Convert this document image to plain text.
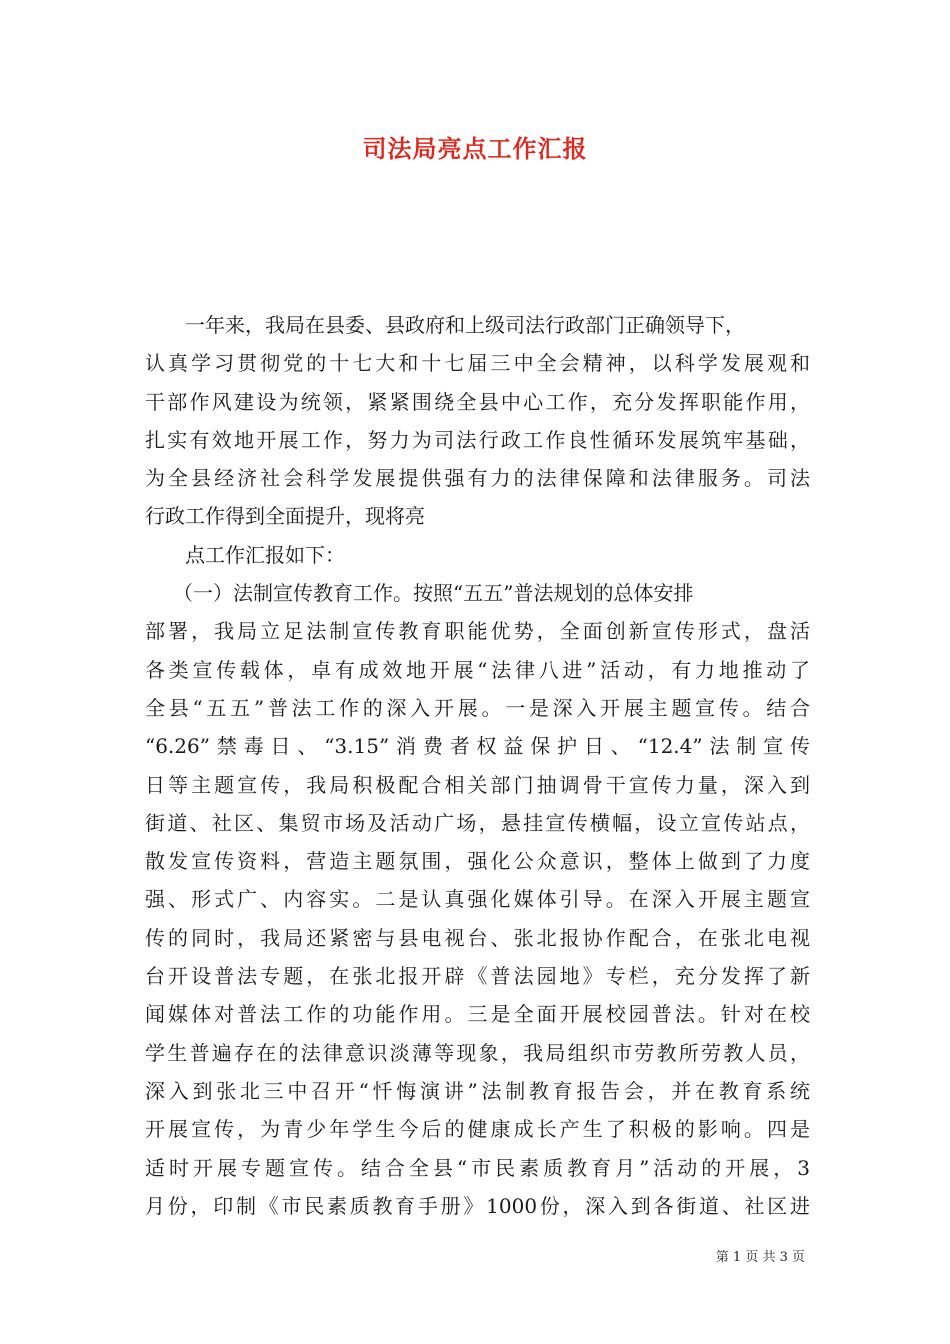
司法局亮点工作汇报
一年来，我局在县委、县政府和上级司法行政部门正确领导下，
认真学习贯彻党的十七大和十七届三中全会精神，以科学发展观和
干部作风建设为统领，紧紧围绕全县中心工作，充分发挥职能作用，
扎实有效地开展工作，努力为司法行政工作良性循环发展筑牢基础，
为全县经济社会科学发展提供强有力的法律保障和法律服务。司法
行政工作得到全面提升，现将亮
点工作汇报如下：
（一）法制宣传教育工作。按照“五五”普法规划的总体安排
部署，我局立足法制宣传教育职能优势，全面创新宣传形式，盘活
各类宣传载体，卓有成效地开展“法律八进”活动，有力地推动了
全县“五五”普法工作的深入开展。一是深入开展主题宣传。结合
“6.26”禁毒日、“3.15”消费者权益保护日、“12.4”法制宣传
日等主题宣传，我局积极配合相关部门抽调骨干宣传力量，深入到
街道、社区、集贸市场及活动广场，悬挂宣传横幅，设立宣传站点，
散发宣传资料，营造主题氛围，强化公众意识，整体上做到了力度
强、形式广、内容实。二是认真强化媒体引导。在深入开展主题宣
传的同时，我局还紧密与县电视台、张北报协作配合，在张北电视
台开设普法专题，在张北报开辟《普法园地》专栏，充分发挥了新
闻媒体对普法工作的功能作用。三是全面开展校园普法。针对在校
学生普遍存在的法律意识淡薄等现象，我局组织市劳教所劳教人员，
深入到张北三中召开“忏悔演讲”法制教育报告会，并在教育系统
开展宣传，为青少年学生今后的健康成长产生了积极的影响。四是
适时开展专题宣传。结合全县“市民素质教育月”活动的开展，3
月份，印制《市民素质教育手册》1000份，深入到各街道、社区进
第 1 页 共 3 页
